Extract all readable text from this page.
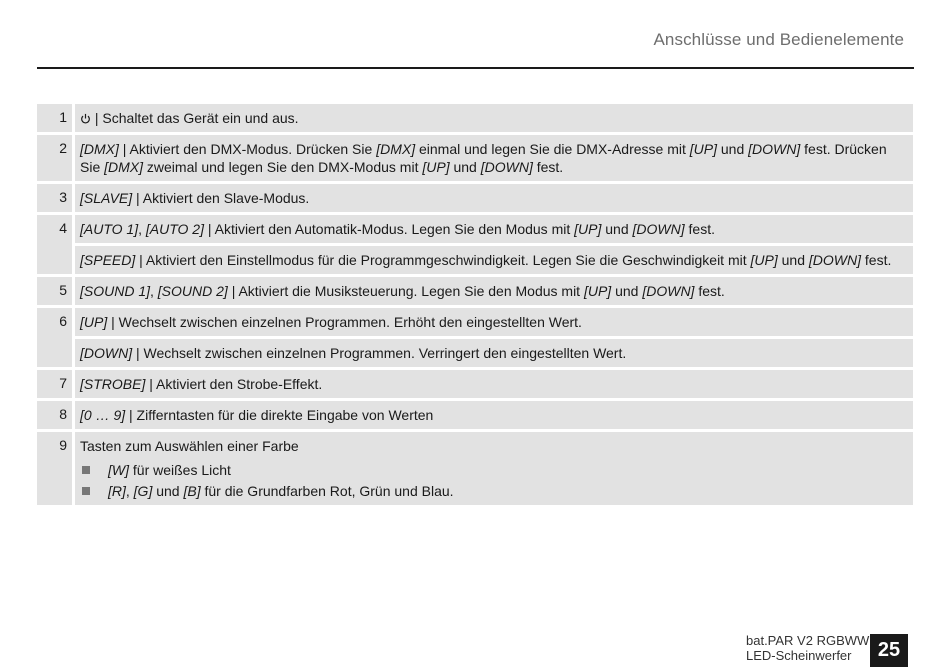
Anschlüsse und Bedienelemente
1	| Schaltet das Gerät ein und aus.
2 [DMX] | Aktiviert den DMX-Modus. Drücken Sie [DMX] einmal und legen Sie die DMX-Adresse mit [UP] und [DOWN] fest. Drücken Sie [DMX] zweimal und legen Sie den DMX-Modus mit [UP] und [DOWN] fest.
3 [SLAVE] | Aktiviert den Slave-Modus.
4 [AUTO 1], [AUTO 2] | Aktiviert den Automatik-Modus. Legen Sie den Modus mit [UP] und [DOWN] fest.
[SPEED] | Aktiviert den Einstellmodus für die Programmgeschwindigkeit. Legen Sie die Geschwindigkeit mit [UP] und [DOWN] fest.
5 [SOUND 1], [SOUND 2] | Aktiviert die Musiksteuerung. Legen Sie den Modus mit [UP] und [DOWN] fest.
6 [UP] | Wechselt zwischen einzelnen Programmen. Erhöht den eingestellten Wert.
[DOWN] | Wechselt zwischen einzelnen Programmen. Verringert den eingestellten Wert.
7 [STROBE] | Aktiviert den Strobe-Effekt.
8 [0 … 9] | Zifferntasten für die direkte Eingabe von Werten
9 Tasten zum Auswählen einer Farbe
[W] für weißes Licht
[R], [G] und [B] für die Grundfarben Rot, Grün und Blau.
bat.PAR V2 RGBWW
LED-Scheinwerfer	25
